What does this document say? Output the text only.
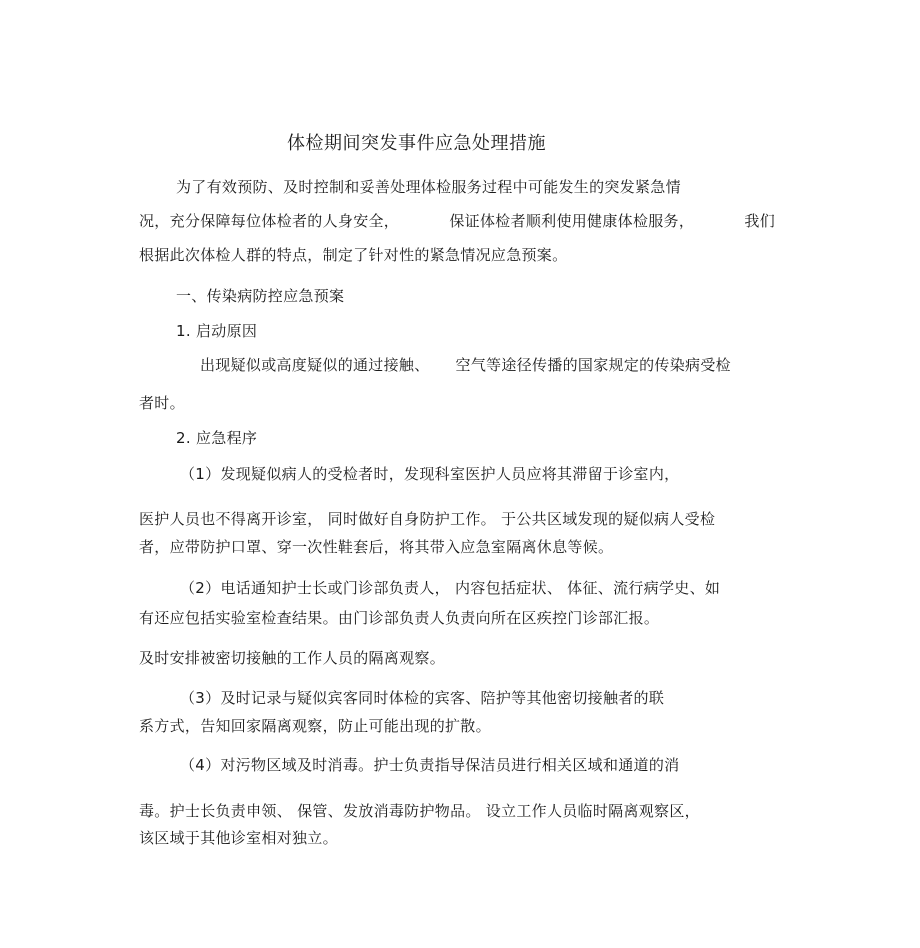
体检期间突发事件应急处理措施
为了有效预防、及时控制和妥善处理体检服务过程中可能发生的突发紧急情
况，充分保障每位体检者的人身安全，	保证体检者顺利使用健康体检服务，	我们
根据此次体检人群的特点，制定了针对性的紧急情况应急预案。
一、传染病防控应急预案
1. 启动原因
出现疑似或高度疑似的通过接触、 空气等途径传播的国家规定的传染病受检
者时。
2. 应急程序
（1）发现疑似病人的受检者时，发现科室医护人员应将其滞留于诊室内，
医护人员也不得离开诊室， 同时做好自身防护工作。 于公共区域发现的疑似病人受检
者，应带防护口罩、穿一次性鞋套后，将其带入应急室隔离休息等候。
（2）电话通知护士长或门诊部负责人， 内容包括症状、 体征、流行病学史、如
有还应包括实验室检查结果。由门诊部负责人负责向所在区疾控门诊部汇报。
及时安排被密切接触的工作人员的隔离观察。
（3）及时记录与疑似宾客同时体检的宾客、陪护等其他密切接触者的联
系方式，告知回家隔离观察，防止可能出现的扩散。
（4）对污物区域及时消毒。护士负责指导保洁员进行相关区域和通道的消
毒。护士长负责申领、 保管、发放消毒防护物品。 设立工作人员临时隔离观察区，
该区域于其他诊室相对独立。
